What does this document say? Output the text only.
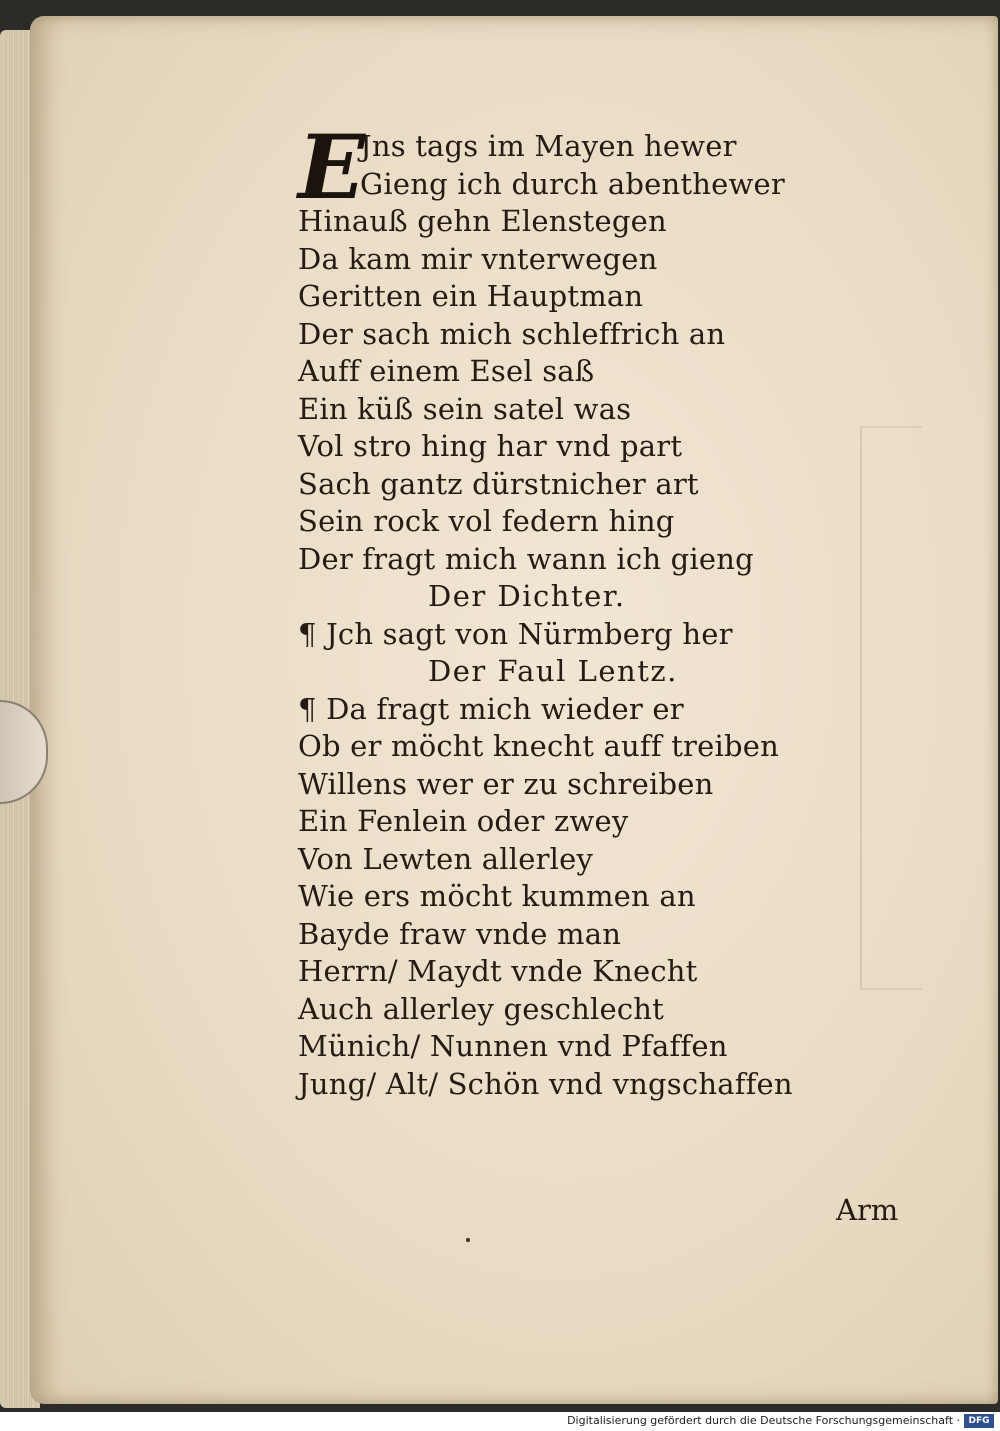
E
Jns tags im Mayen hewer
Gieng ich durch abenthewer
Hinauß gehn Elenstegen
Da kam mir vnterwegen
Geritten ein Hauptman
Der sach mich schleffrich an
Auff einem Esel saß
Ein küß sein satel was
Vol stro hing har vnd part
Sach gantz dürstnicher art
Sein rock vol federn hing
Der fragt mich wann ich gieng
Der Dichter.
¶ Jch sagt von Nürmberg her
Der Faul Lentz.
¶ Da fragt mich wieder er
Ob er möcht knecht auff treiben
Willens wer er zu schreiben
Ein Fenlein oder zwey
Von Lewten allerley
Wie ers möcht kummen an
Bayde fraw vnde man
Herrn/ Maydt vnde Knecht
Auch allerley geschlecht
Münich/ Nunnen vnd Pfaffen
Jung/ Alt/ Schön vnd vngschaffen
Arm
Digitalisierung gefördert durch die Deutsche Forschungsgemeinschaft · DFG
